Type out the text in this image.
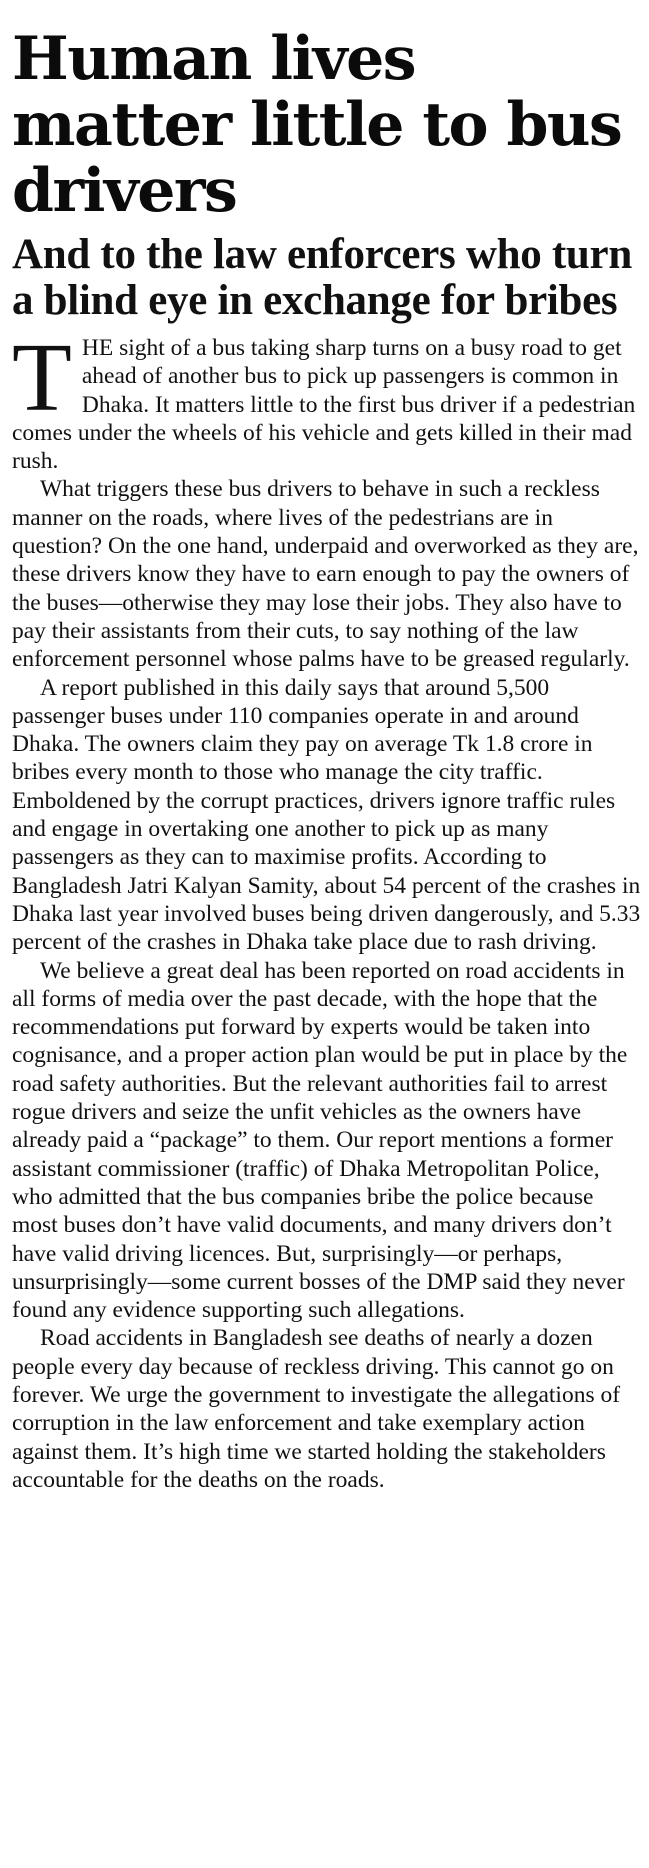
Human lives matter little to bus drivers
And to the law enforcers who turn a blind eye in exchange for bribes

THE sight of a bus taking sharp turns on a busy road to get ahead of another bus to pick up passengers is common in Dhaka. It matters little to the first bus driver if a pedestrian comes under the wheels of his vehicle and gets killed in their mad rush.

What triggers these bus drivers to behave in such a reckless manner on the roads, where lives of the pedestrians are in question? On the one hand, underpaid and overworked as they are, these drivers know they have to earn enough to pay the owners of the buses—otherwise they may lose their jobs. They also have to pay their assistants from their cuts, to say nothing of the law enforcement personnel whose palms have to be greased regularly.

A report published in this daily says that around 5,500 passenger buses under 110 companies operate in and around Dhaka. The owners claim they pay on average Tk 1.8 crore in bribes every month to those who manage the city traffic. Emboldened by the corrupt practices, drivers ignore traffic rules and engage in overtaking one another to pick up as many passengers as they can to maximise profits. According to Bangladesh Jatri Kalyan Samity, about 54 percent of the crashes in Dhaka last year involved buses being driven dangerously, and 5.33 percent of the crashes in Dhaka take place due to rash driving.

We believe a great deal has been reported on road accidents in all forms of media over the past decade, with the hope that the recommendations put forward by experts would be taken into cognisance, and a proper action plan would be put in place by the road safety authorities. But the relevant authorities fail to arrest rogue drivers and seize the unfit vehicles as the owners have already paid a “package” to them. Our report mentions a former assistant commissioner (traffic) of Dhaka Metropolitan Police, who admitted that the bus companies bribe the police because most buses don’t have valid documents, and many drivers don’t have valid driving licences. But, surprisingly—or perhaps, unsurprisingly—some current bosses of the DMP said they never found any evidence supporting such allegations.

Road accidents in Bangladesh see deaths of nearly a dozen people every day because of reckless driving. This cannot go on forever. We urge the government to investigate the allegations of corruption in the law enforcement and take exemplary action against them. It’s high time we started holding the stakeholders accountable for the deaths on the roads.
